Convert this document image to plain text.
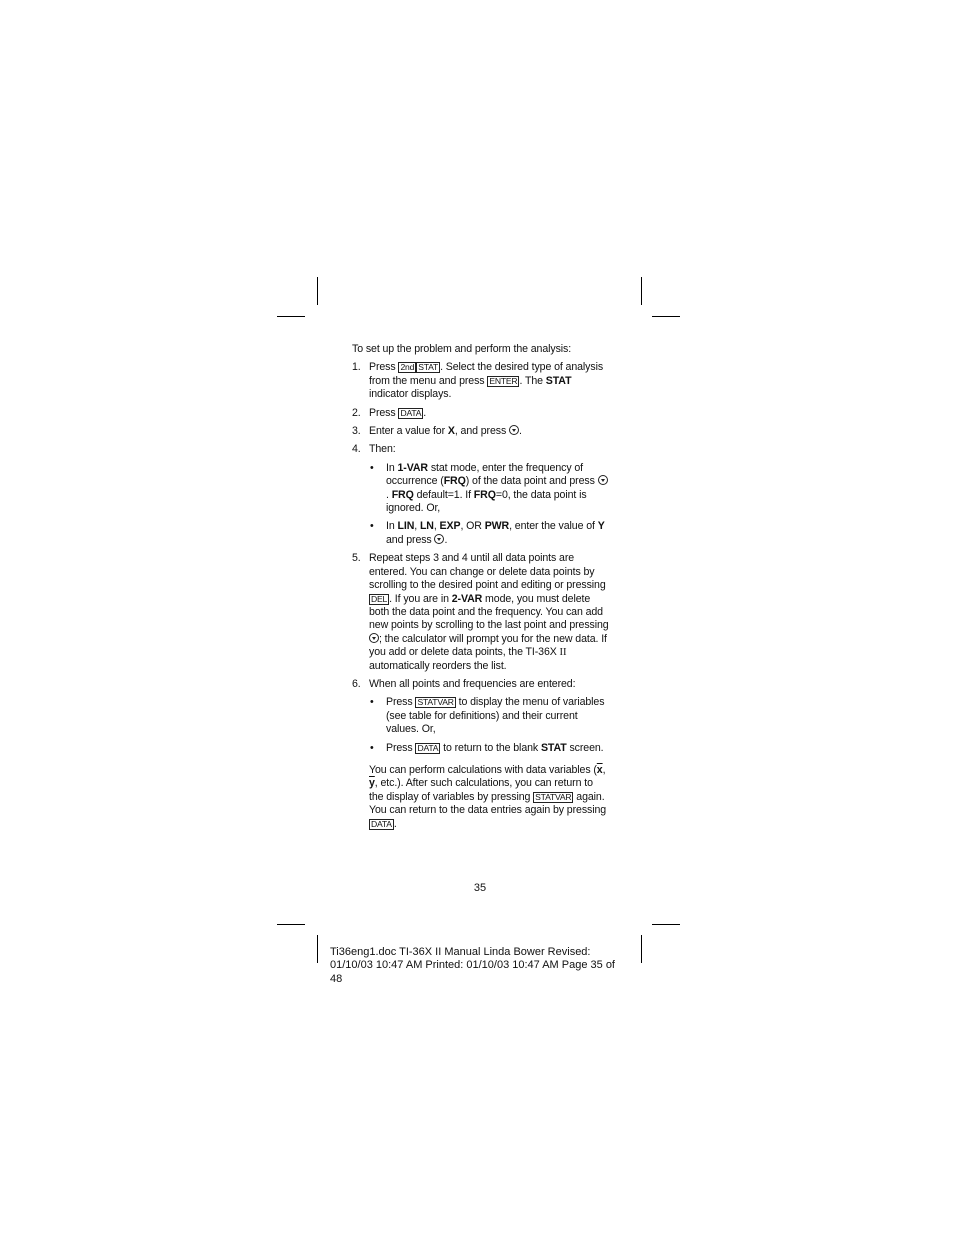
To set up the problem and perform the analysis:

1. Press 2nd STAT . Select the desired type of analysis from the menu and press ENTER . The STAT indicator displays.
2. Press DATA .
3. Enter a value for X, and press .
4. Then:
• In 1-VAR stat mode, enter the frequency of occurrence (FRQ) of the data point and press . FRQ default=1. If FRQ=0, the data point is ignored. Or,
• In LIN, LN, EXP, OR PWR, enter the value of Y and press .
5. Repeat steps 3 and 4 until all data points are entered. You can change or delete data points by scrolling to the desired point and editing or pressing DEL . If you are in 2-VAR mode, you must delete both the data point and the frequency. You can add new points by scrolling to the last point and pressing ; the calculator will prompt you for the new data. If you add or delete data points, the TI-36X II automatically reorders the list.
6. When all points and frequencies are entered:
• Press STATVAR to display the menu of variables (see table for definitions) and their current values. Or,
• Press DATA to return to the blank STAT screen.

You can perform calculations with data variables ($\overline{x}$, $\overline{y}$, etc.). After such calculations, you can return to the display of variables by pressing STATVAR again. You can return to the data entries again by pressing DATA .

35
Ti36eng1.doc TI-36X II Manual Linda Bower Revised: 01/10/03 10:47 AM Printed: 01/10/03 10:47 AM Page 35 of 48
